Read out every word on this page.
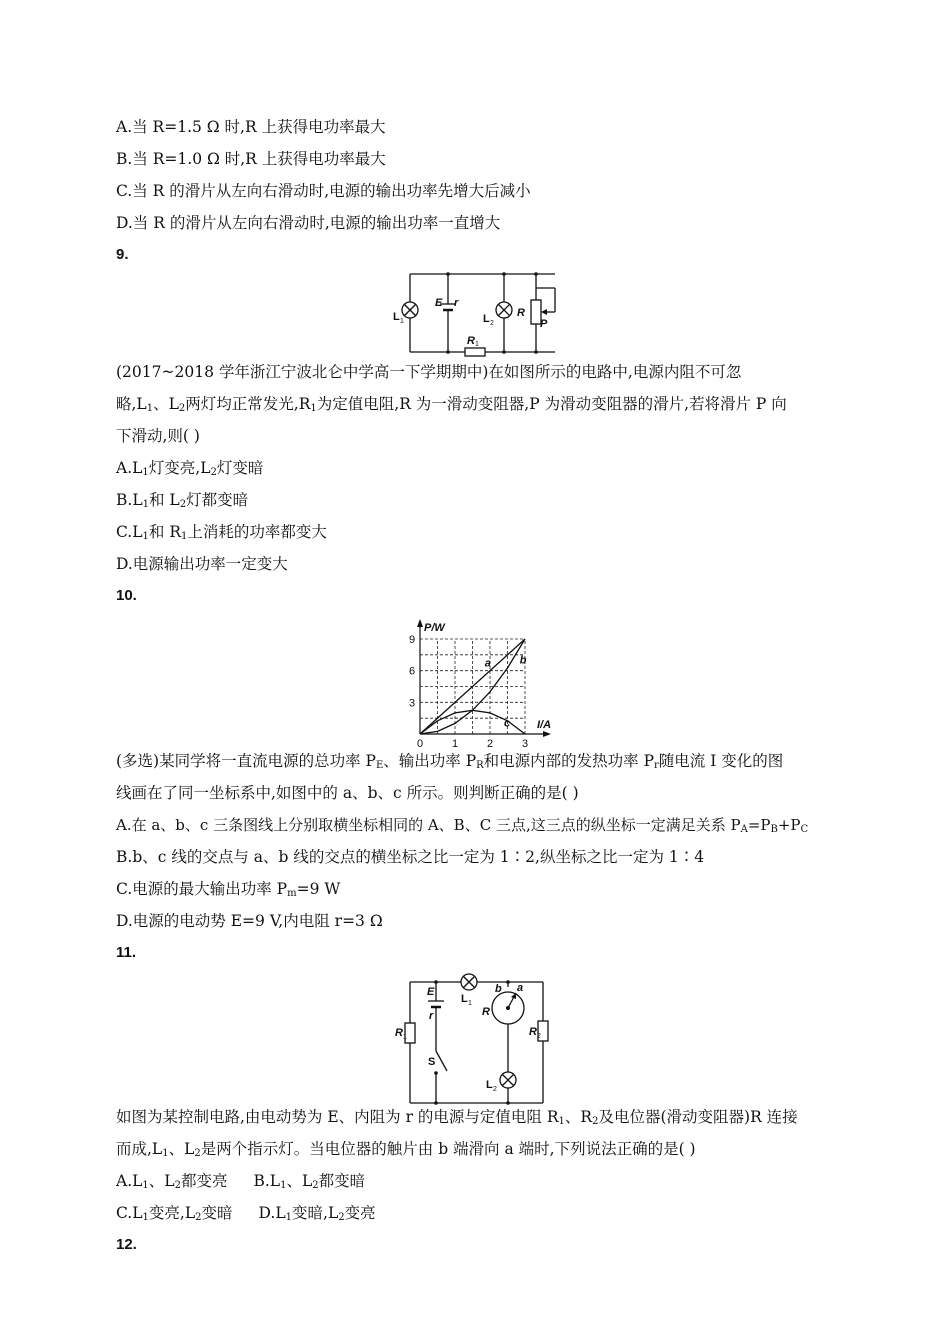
A.当 R=1.5 Ω 时,R 上获得电功率最大
B.当 R=1.0 Ω 时,R 上获得电功率最大
C.当 R 的滑片从左向右滑动时,电源的输出功率先增大后减小
D.当 R 的滑片从左向右滑动时,电源的输出功率一直增大
9.
L 1
E r
L 2
R
P
R 1
(2017~2018 学年浙江宁波北仑中学高一下学期期中)在如图所示的电路中,电源内阻不可忽
略$,L_1$、$L_2$两灯均正常发光$,R_1$为定值电阻,R 为一滑动变阻器,P 为滑动变阻器的滑片,若将滑片 P 向
下滑动,则( )
$A.L_1$灯变亮$,L_2$灯变暗
$B.L_1$和 $L_2$灯都变暗
$C.L_1$和 $R_1$上消耗的功率都变大
D.电源输出功率一定变大
10.
0	1	2	3
3
6
9
P/W
I/A
a	b
c
(多选)某同学将一直流电源的总功率 $P_E$、输出功率 $P_R$和电源内部的发热功率 $P_r$随电流 I 变化的图
线画在了同一坐标系中,如图中的 a、b、c 所示。则判断正确的是( )
A.在 a、b、c 三条图线上分别取横坐标相同的 A、B、C 三点,这三点的纵坐标一定满足关系 $P_A=P_B+P_C$
B.b、c 线的交点与 a、b 线的交点的横坐标之比一定为 1∶2,纵坐标之比一定为 1∶4
C.电源的最大输出功率 $P_m=9$ W
D.电源的电动势 E=9 V,内电阻 r=3 Ω
11.
L 1
E
r
S
R 1
R
a
b
R 2
L 2
如图为某控制电路,由电动势为 E、内阻为 r 的电源与定值电阻 $R_1$、$R_2$及电位器(滑动变阻器)R 连接
而成$,L_1$、$L_2$是两个指示灯。当电位器的触片由 b 端滑向 a 端时,下列说法正确的是( )
$A.L_1$、$L_2$都变亮 $B.L_1$、$L_2$都变暗
$C.L_1$变亮$,L_2$变暗 $D.L_1$变暗$,L_2$变亮
12.
